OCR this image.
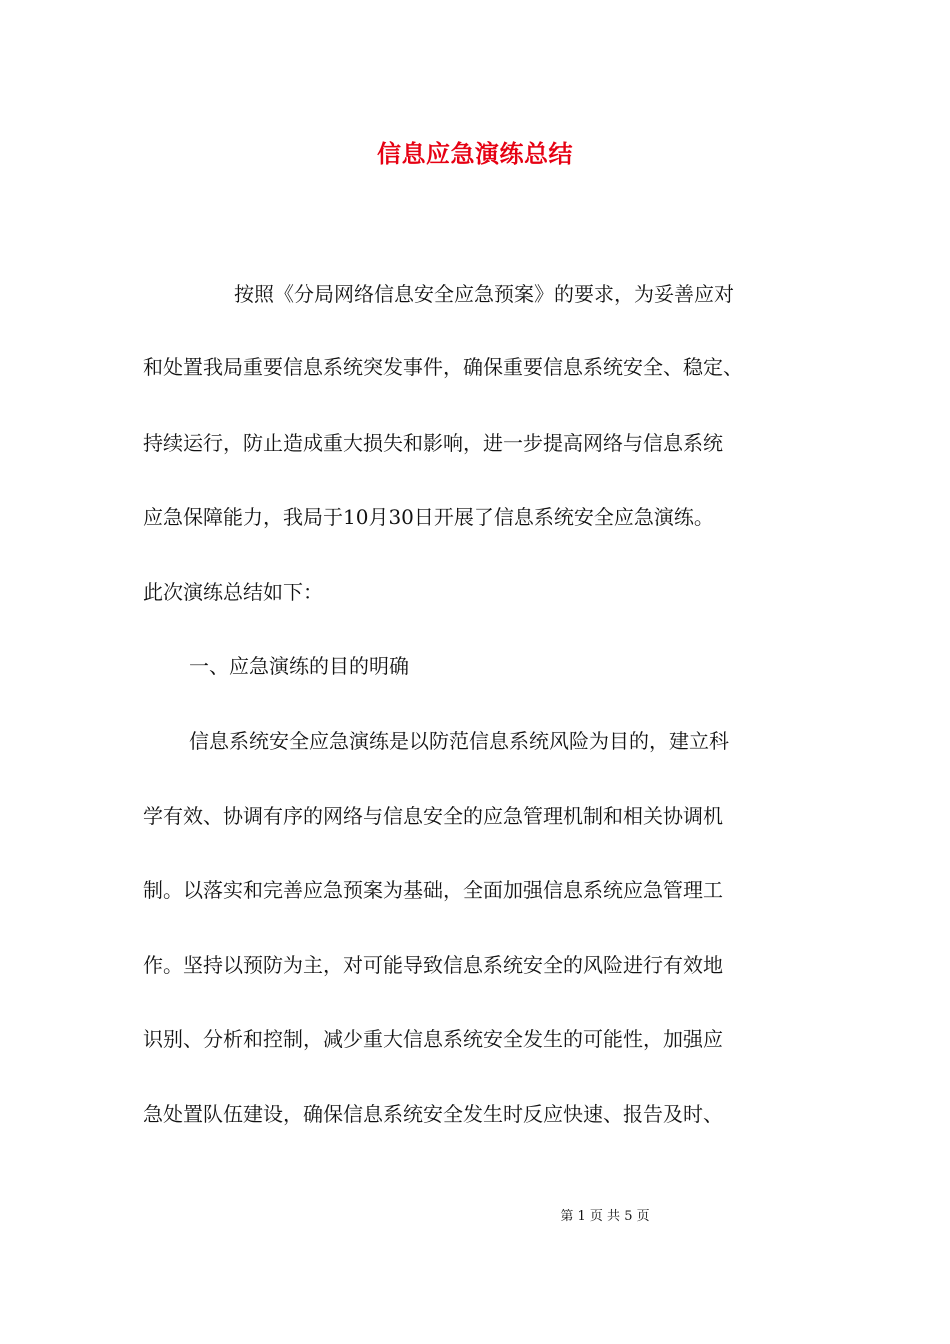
信息应急演练总结
按照《分局网络信息安全应急预案》的要求，为妥善应对
和处置我局重要信息系统突发事件，确保重要信息系统安全、稳定、
持续运行，防止造成重大损失和影响，进一步提高网络与信息系统
应急保障能力，我局于10月30日开展了信息系统安全应急演练。
此次演练总结如下：
一、应急演练的目的明确
信息系统安全应急演练是以防范信息系统风险为目的，建立科
学有效、协调有序的网络与信息安全的应急管理机制和相关协调机
制。以落实和完善应急预案为基础，全面加强信息系统应急管理工
作。坚持以预防为主，对可能导致信息系统安全的风险进行有效地
识别、分析和控制，减少重大信息系统安全发生的可能性，加强应
急处置队伍建设，确保信息系统安全发生时反应快速、报告及时、
第 1 页 共 5 页
